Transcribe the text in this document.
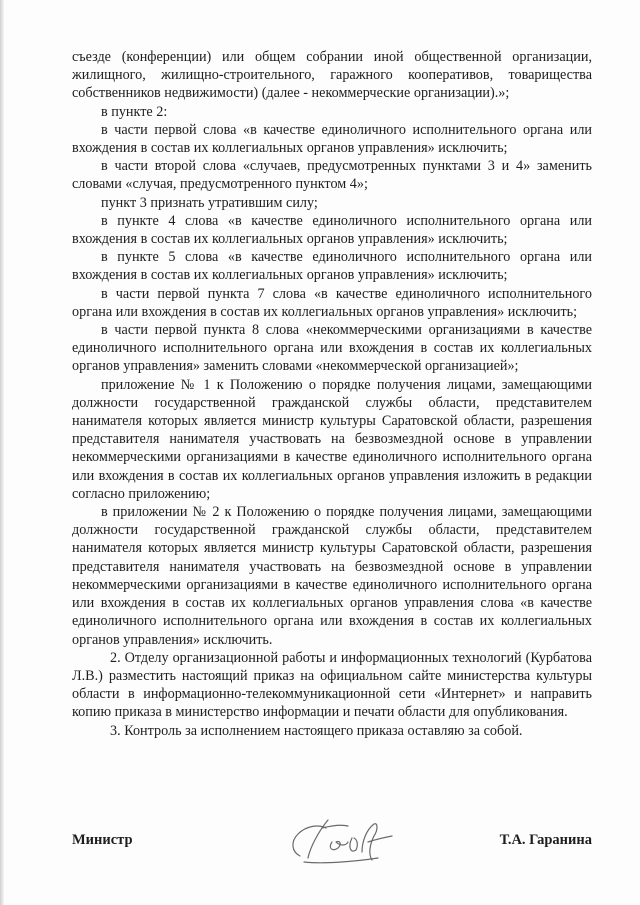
съезде (конференции) или общем собрании иной общественной организации, жилищного, жилищно-строительного, гаражного кооперативов, товарищества собственников недвижимости) (далее - некоммерческие организации).»;

в пункте 2:

в части первой слова «в качестве единоличного исполнительного органа или вхождения в состав их коллегиальных органов управления» исключить;

в части второй слова «случаев, предусмотренных пунктами 3 и 4» заменить словами «случая, предусмотренного пунктом 4»;

пункт 3 признать утратившим силу;

в пункте 4 слова «в качестве единоличного исполнительного органа или вхождения в состав их коллегиальных органов управления» исключить;

в пункте 5 слова «в качестве единоличного исполнительного органа или вхождения в состав их коллегиальных органов управления» исключить;

в части первой пункта 7 слова «в качестве единоличного исполнительного органа или вхождения в состав их коллегиальных органов управления» исключить;

в части первой пункта 8 слова «некоммерческими организациями в качестве единоличного исполнительного органа или вхождения в состав их коллегиальных органов управления» заменить словами «некоммерческой организацией»;

приложение № 1 к Положению о порядке получения лицами, замещающими должности государственной гражданской службы области, представителем нанимателя которых является министр культуры Саратовской области, разрешения представителя нанимателя участвовать на безвозмездной основе в управлении некоммерческими организациями в качестве единоличного исполнительного органа или вхождения в состав их коллегиальных органов управления изложить в редакции согласно приложению;

в приложении № 2 к Положению о порядке получения лицами, замещающими должности государственной гражданской службы области, представителем нанимателя которых является министр культуры Саратовской области, разрешения представителя нанимателя участвовать на безвозмездной основе в управлении некоммерческими организациями в качестве единоличного исполнительного органа или вхождения в состав их коллегиальных органов управления слова «в качестве единоличного исполнительного органа или вхождения в состав их коллегиальных органов управления» исключить.

2. Отделу организационной работы и информационных технологий (Курбатова Л.В.) разместить настоящий приказ на официальном сайте министерства культуры области в информационно-телекоммуникационной сети «Интернет» и направить копию приказа в министерство информации и печати области для опубликования.

3. Контроль за исполнением настоящего приказа оставляю за собой.

Министр	Т.А. Гаранина
